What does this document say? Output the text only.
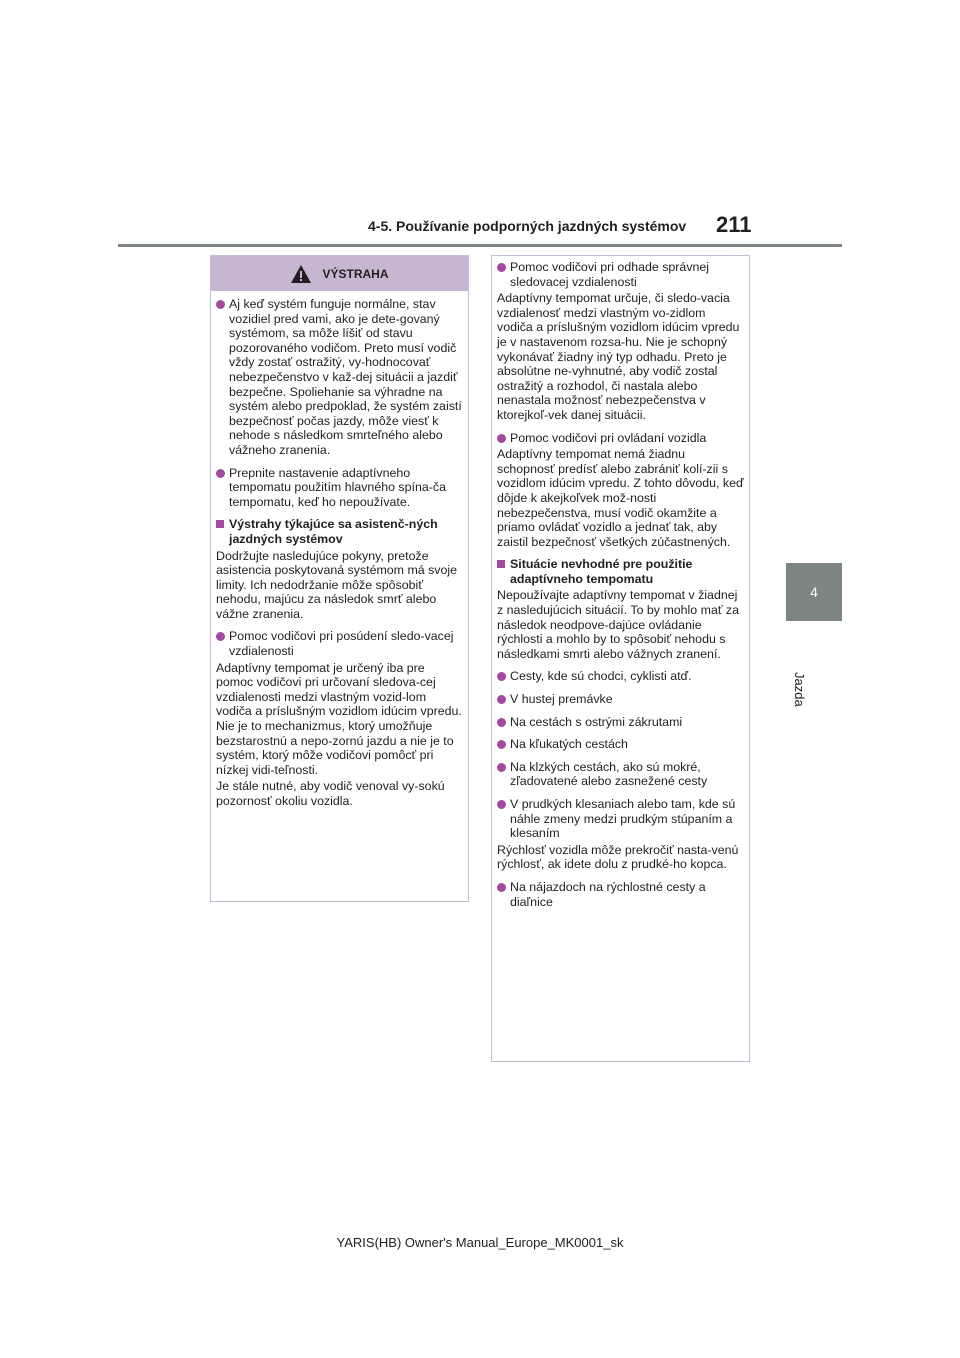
4-5. Používanie podporných jazdných systémov 211
4
Jazda
VÝSTRAHA
Aj keď systém funguje normálne, stav vozidiel pred vami, ako je dete-govaný systémom, sa môže líšiť od stavu pozorovaného vodičom. Preto musí vodič vždy zostať ostražitý, vy-hodnocovať nebezpečenstvo v kaž-dej situácii a jazdiť bezpečne. Spoliehanie sa výhradne na systém alebo predpoklad, že systém zaistí bezpečnosť počas jazdy, môže viesť k nehode s následkom smrteľného alebo vážneho zranenia.
Prepnite nastavenie adaptívneho tempomatu použitím hlavného spína-ča tempomatu, keď ho nepoužívate.
Výstrahy týkajúce sa asistenč-ných jazdných systémov

Dodržujte nasledujúce pokyny, pretože asistencia poskytovaná systémom má svoje limity. Ich nedodržanie môže spôsobiť nehodu, majúcu za následok smrť alebo vážne zranenia.

Pomoc vodičovi pri posúdení sledo-vacej vzdialenosti

Adaptívny tempomat je určený iba pre pomoc vodičovi pri určovaní sledova-cej vzdialenosti medzi vlastným vozid-lom vodiča a príslušným vozidlom idúcim vpredu. Nie je to mechanizmus, ktorý umožňuje bezstarostnú a nepo-zornú jazdu a nie je to systém, ktorý môže vodičovi pomôcť pri nízkej vidi-teľnosti.

Je stále nutné, aby vodič venoval vy-sokú pozornosť okoliu vozidla.

Pomoc vodičovi pri odhade správnej sledovacej vzdialenosti

Adaptívny tempomat určuje, či sledo-vacia vzdialenosť medzi vlastným vo-zidlom vodiča a príslušným vozidlom idúcim vpredu je v nastavenom rozsa-hu. Nie je schopný vykonávať žiadny iný typ odhadu. Preto je absolútne ne-vyhnutné, aby vodič zostal ostražitý a rozhodol, či nastala alebo nenastala možnosť nebezpečenstva v ktorejkoľ-vek danej situácii.

Pomoc vodičovi pri ovládaní vozidla

Adaptívny tempomat nemá žiadnu schopnosť predísť alebo zabrániť kolí-zii s vozidlom idúcim vpredu. Z tohto dôvodu, keď dôjde k akejkoľvek mož-nosti nebezpečenstva, musí vodič okamžite a priamo ovládať vozidlo a jednať tak, aby zaistil bezpečnosť všetkých zúčastnených.

Situácie nevhodné pre použitie adaptívneho tempomatu

Nepoužívajte adaptívny tempomat v žiadnej z nasledujúcich situácií. To by mohlo mať za následok neodpove-dajúce ovládanie rýchlosti a mohlo by to spôsobiť nehodu s následkami smrti alebo vážnych zranení.

Cesty, kde sú chodci, cyklisti atď.
V hustej premávke
Na cestách s ostrými zákrutami
Na kľukatých cestách
Na klzkých cestách, ako sú mokré, zľadovatené alebo zasnežené cesty
V prudkých klesaniach alebo tam, kde sú náhle zmeny medzi prudkým stúpaním a klesaním

Rýchlosť vozidla môže prekročiť nasta-venú rýchlosť, ak idete dolu z prudké-ho kopca.

Na nájazdoch na rýchlostné cesty a diaľnice
YARIS(HB) Owner's Manual_Europe_MK0001_sk
